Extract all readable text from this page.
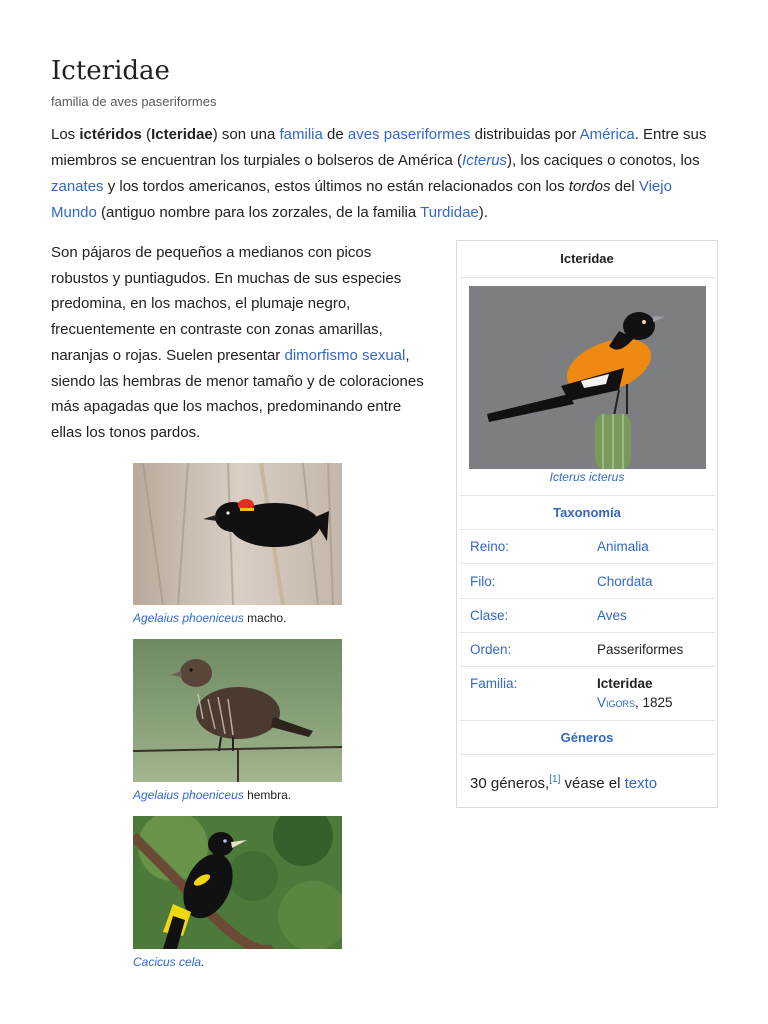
Icteridae
familia de aves paseriformes

Los ictéridos (Icteridae) son una familia de aves paseriformes distribuidas por América. Entre sus miembros se encuentran los turpiales o bolseros de América (Icterus), los caciques o conotos, los zanates y los tordos americanos, estos últimos no están relacionados con los tordos del Viejo Mundo (antiguo nombre para los zorzales, de la familia Turdidae).

Son pájaros de pequeños a medianos con picos robustos y puntiagudos. En muchas de sus especies predomina, en los machos, el plumaje negro, frecuentemente en contraste con zonas amarillas, naranjas o rojas. Suelen presentar dimorfismo sexual, siendo las hembras de menor tamaño y de coloraciones más apagadas que los machos, predominando entre ellas los tonos pardos.

Agelaius phoeniceus macho.
Agelaius phoeniceus hembra.
Cacicus cela.
Icteridae
Icterus icterus
Taxonomía
Reino:	Animalia
Filo:	Chordata
Clase:	Aves
Orden:	Passeriformes
Familia:	Icteridae
Vigors, 1825
Géneros
30 géneros,[1] véase el texto
